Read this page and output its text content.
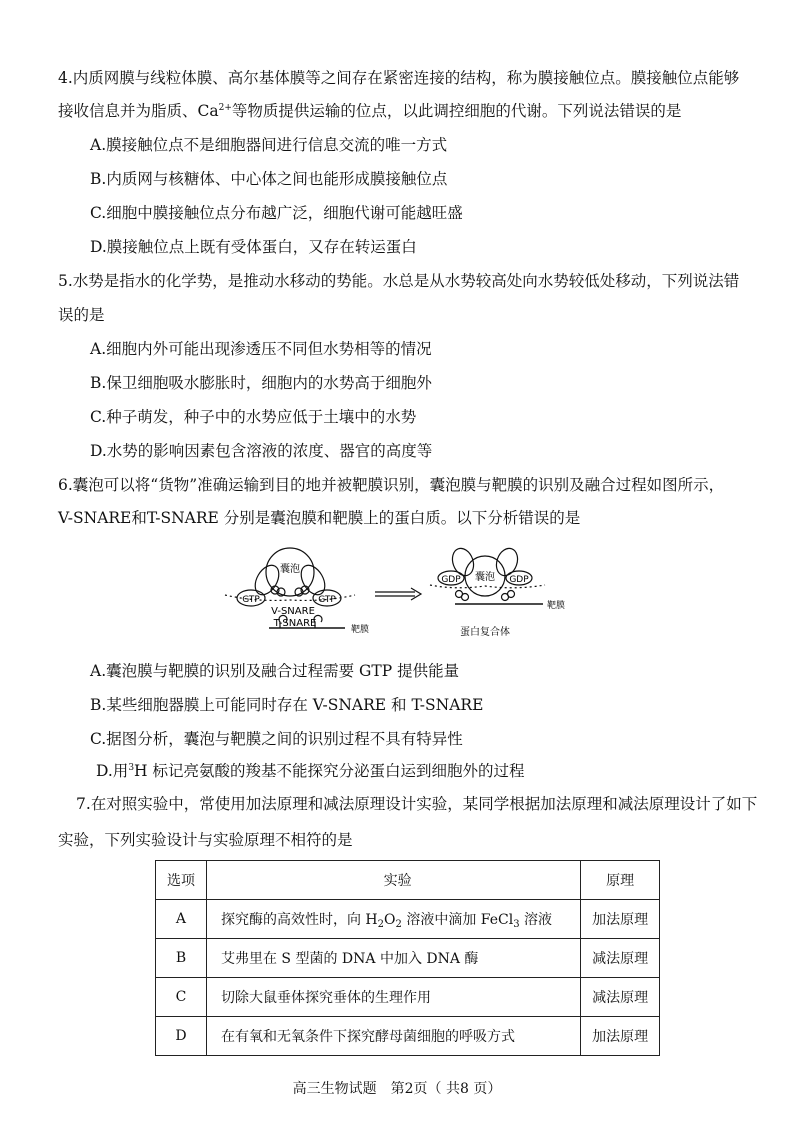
4.内质网膜与线粒体膜、高尔基体膜等之间存在紧密连接的结构，称为膜接触位点。膜接触位点能够
接收信息并为脂质、$Ca^{2+}$等物质提供运输的位点，以此调控细胞的代谢。下列说法错误的是
A.膜接触位点不是细胞器间进行信息交流的唯一方式
B.内质网与核糖体、中心体之间也能形成膜接触位点
C.细胞中膜接触位点分布越广泛，细胞代谢可能越旺盛
D.膜接触位点上既有受体蛋白，又存在转运蛋白
5.水势是指水的化学势，是推动水移动的势能。水总是从水势较高处向水势较低处移动，下列说法错
误的是
A.细胞内外可能出现渗透压不同但水势相等的情况
B.保卫细胞吸水膨胀时，细胞内的水势高于细胞外
C.种子萌发，种子中的水势应低于土壤中的水势
D.水势的影响因素包含溶液的浓度、器官的高度等
6.囊泡可以将“货物”准确运输到目的地并被靶膜识别，囊泡膜与靶膜的识别及融合过程如图所示，
V-SNARE和T-SNARE 分别是囊泡膜和靶膜上的蛋白质。以下分析错误的是
囊泡
GTP	GTP
V-SNARE
T-SNARE
靶膜
囊泡
GDP	GDP
靶膜
蛋白复合体
A.囊泡膜与靶膜的识别及融合过程需要 GTP 提供能量
B.某些细胞器膜上可能同时存在 V-SNARE 和 T-SNARE
C.据图分析，囊泡与靶膜之间的识别过程不具有特异性
D.用$^3$H 标记亮氨酸的羧基不能探究分泌蛋白运到细胞外的过程
7.在对照实验中，常使用加法原理和减法原理设计实验，某同学根据加法原理和减法原理设计了如下
实验，下列实验设计与实验原理不相符的是
选项	实验	原理
A	探究酶的高效性时，向 $H_2O_2$ 溶液中滴加 FeCl$_3$ 溶液	加法原理
B	艾弗里在 S 型菌的 DNA 中加入 DNA 酶	减法原理
C	切除大鼠垂体探究垂体的生理作用	减法原理
D	在有氧和无氧条件下探究酵母菌细胞的呼吸方式	加法原理
高三生物试题　第2页（ 共8 页）
